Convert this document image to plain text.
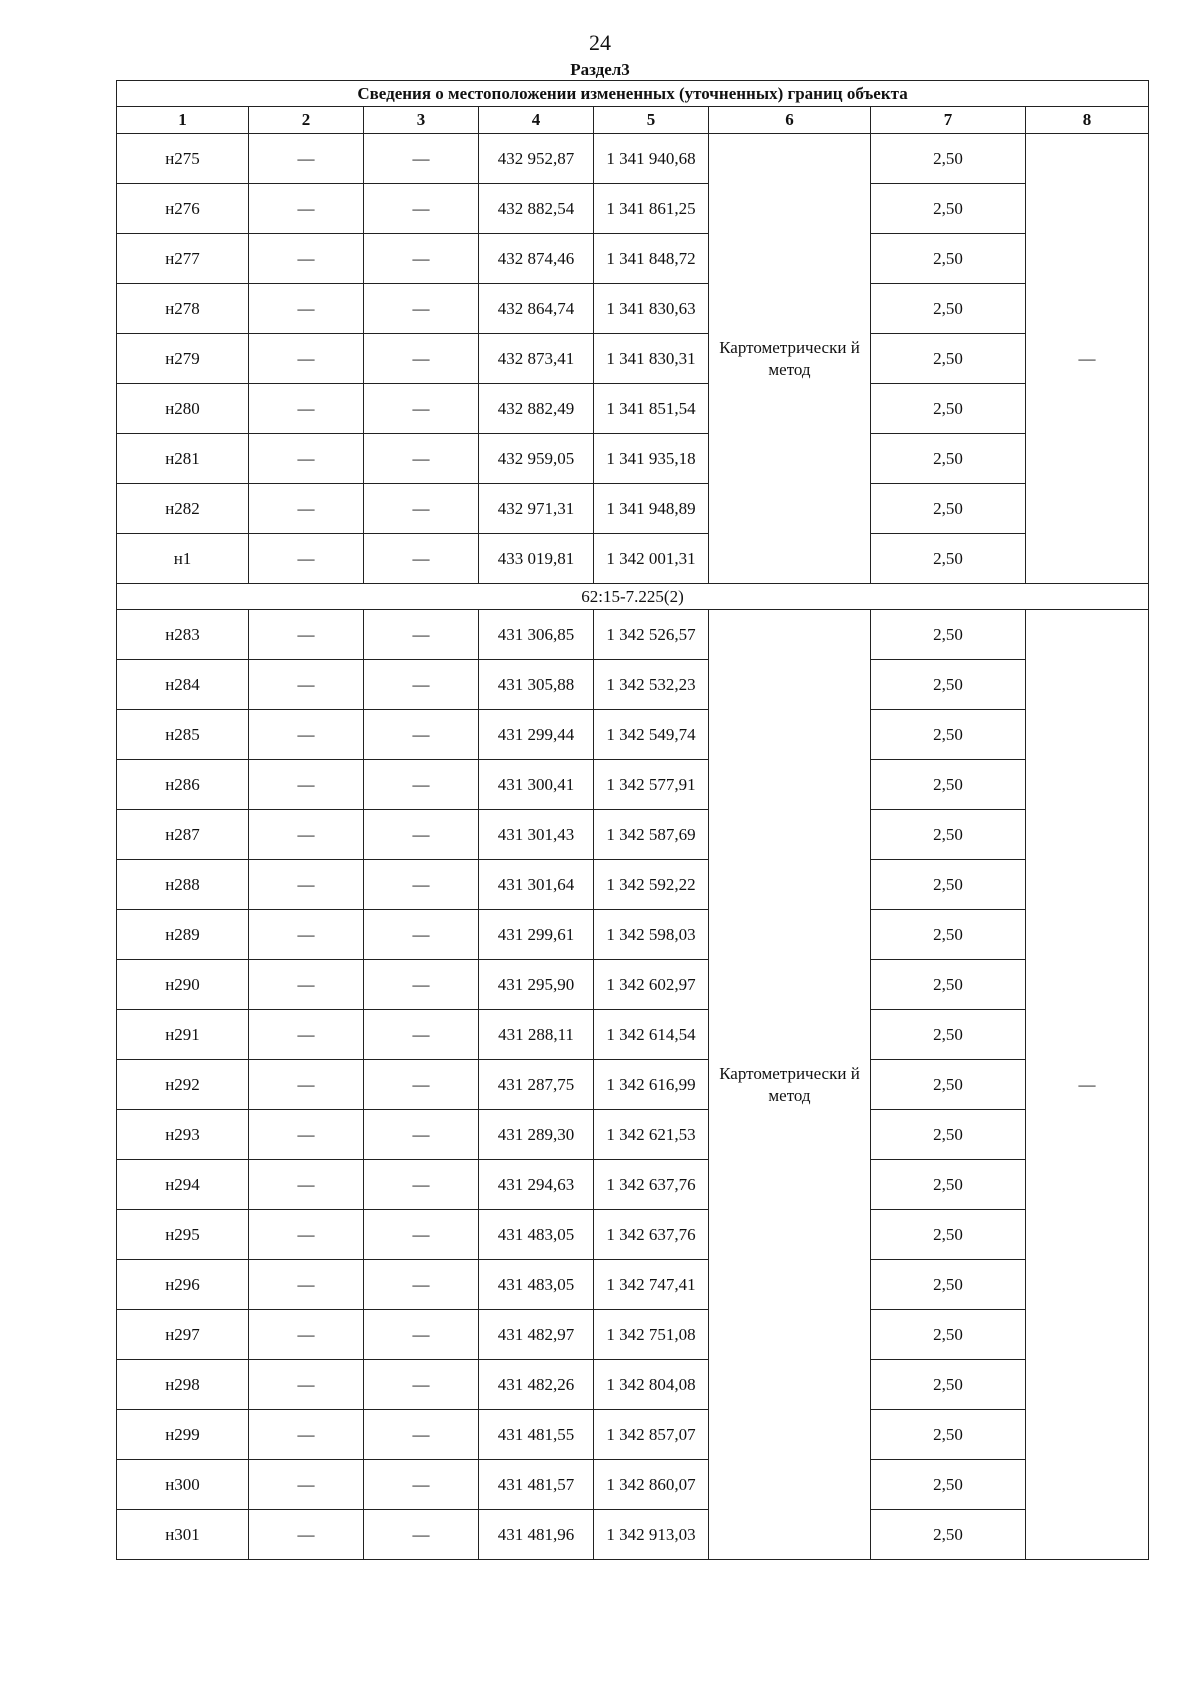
24
Раздел3
Сведения о местоположении измененных (уточненных) границ объекта							
1	2	3	4	5	6	7	8
н275	—	—	432 952,87	1 341 940,68	Картометрически й метод	2,50	—
н276	—	—	432 882,54	1 341 861,25		2,50	
н277	—	—	432 874,46	1 341 848,72		2,50	
н278	—	—	432 864,74	1 341 830,63		2,50	
н279	—	—	432 873,41	1 341 830,31		2,50	
н280	—	—	432 882,49	1 341 851,54		2,50	
н281	—	—	432 959,05	1 341 935,18		2,50	
н282	—	—	432 971,31	1 341 948,89		2,50	
н1	—	—	433 019,81	1 342 001,31		2,50	
62:15-7.225(2)							
н283	—	—	431 306,85	1 342 526,57	Картометрически й метод	2,50	—
н284	—	—	431 305,88	1 342 532,23		2,50	
н285	—	—	431 299,44	1 342 549,74		2,50	
н286	—	—	431 300,41	1 342 577,91		2,50	
н287	—	—	431 301,43	1 342 587,69		2,50	
н288	—	—	431 301,64	1 342 592,22		2,50	
н289	—	—	431 299,61	1 342 598,03		2,50	
н290	—	—	431 295,90	1 342 602,97		2,50	
н291	—	—	431 288,11	1 342 614,54		2,50	
н292	—	—	431 287,75	1 342 616,99		2,50	
н293	—	—	431 289,30	1 342 621,53		2,50	
н294	—	—	431 294,63	1 342 637,76		2,50	
н295	—	—	431 483,05	1 342 637,76		2,50	
н296	—	—	431 483,05	1 342 747,41		2,50	
н297	—	—	431 482,97	1 342 751,08		2,50	
н298	—	—	431 482,26	1 342 804,08		2,50	
н299	—	—	431 481,55	1 342 857,07		2,50	
н300	—	—	431 481,57	1 342 860,07		2,50	
н301	—	—	431 481,96	1 342 913,03		2,50	
